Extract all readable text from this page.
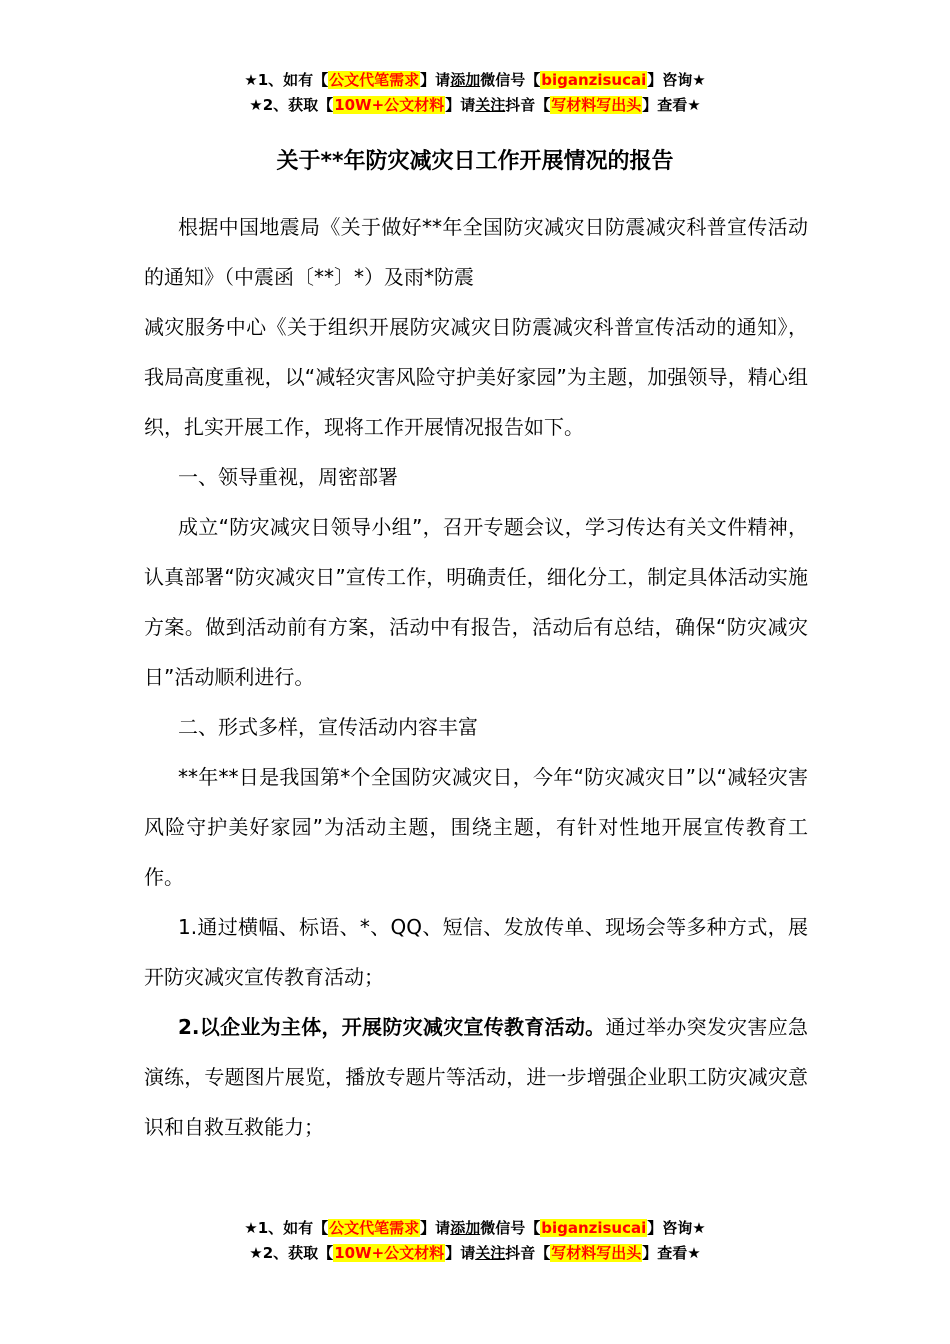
★1、如有【公文代笔需求】请添加微信号【biganzisucai】咨询★
★2、获取【10W+公文材料】请关注抖音【写材料写出头】查看★
关于**年防灾减灾日工作开展情况的报告

根据中国地震局《关于做好**年全国防灾减灾日防震减灾科普宣传活动的通知》（中震函〔**〕*）及雨*防震

减灾服务中心《关于组织开展防灾减灾日防震减灾科普宣传活动的通知》，我局高度重视，以“减轻灾害风险守护美好家园”为主题，加强领导，精心组织，扎实开展工作，现将工作开展情况报告如下。

一、领导重视，周密部署

成立“防灾减灾日领导小组”，召开专题会议，学习传达有关文件精神，认真部署“防灾减灾日”宣传工作，明确责任，细化分工，制定具体活动实施方案。做到活动前有方案，活动中有报告，活动后有总结，确保“防灾减灾日”活动顺利进行。

二、形式多样，宣传活动内容丰富

**年**日是我国第*个全国防灾减灾日，今年“防灾减灾日”以“减轻灾害风险守护美好家园”为活动主题，围绕主题，有针对性地开展宣传教育工作。

1.通过横幅、标语、*、QQ、短信、发放传单、现场会等多种方式，展开防灾减灾宣传教育活动；

2.以企业为主体，开展防灾减灾宣传教育活动。通过举办突发灾害应急演练，专题图片展览，播放专题片等活动，进一步增强企业职工防灾减灾意识和自救互救能力；

★1、如有【公文代笔需求】请添加微信号【biganzisucai】咨询★
★2、获取【10W+公文材料】请关注抖音【写材料写出头】查看★
